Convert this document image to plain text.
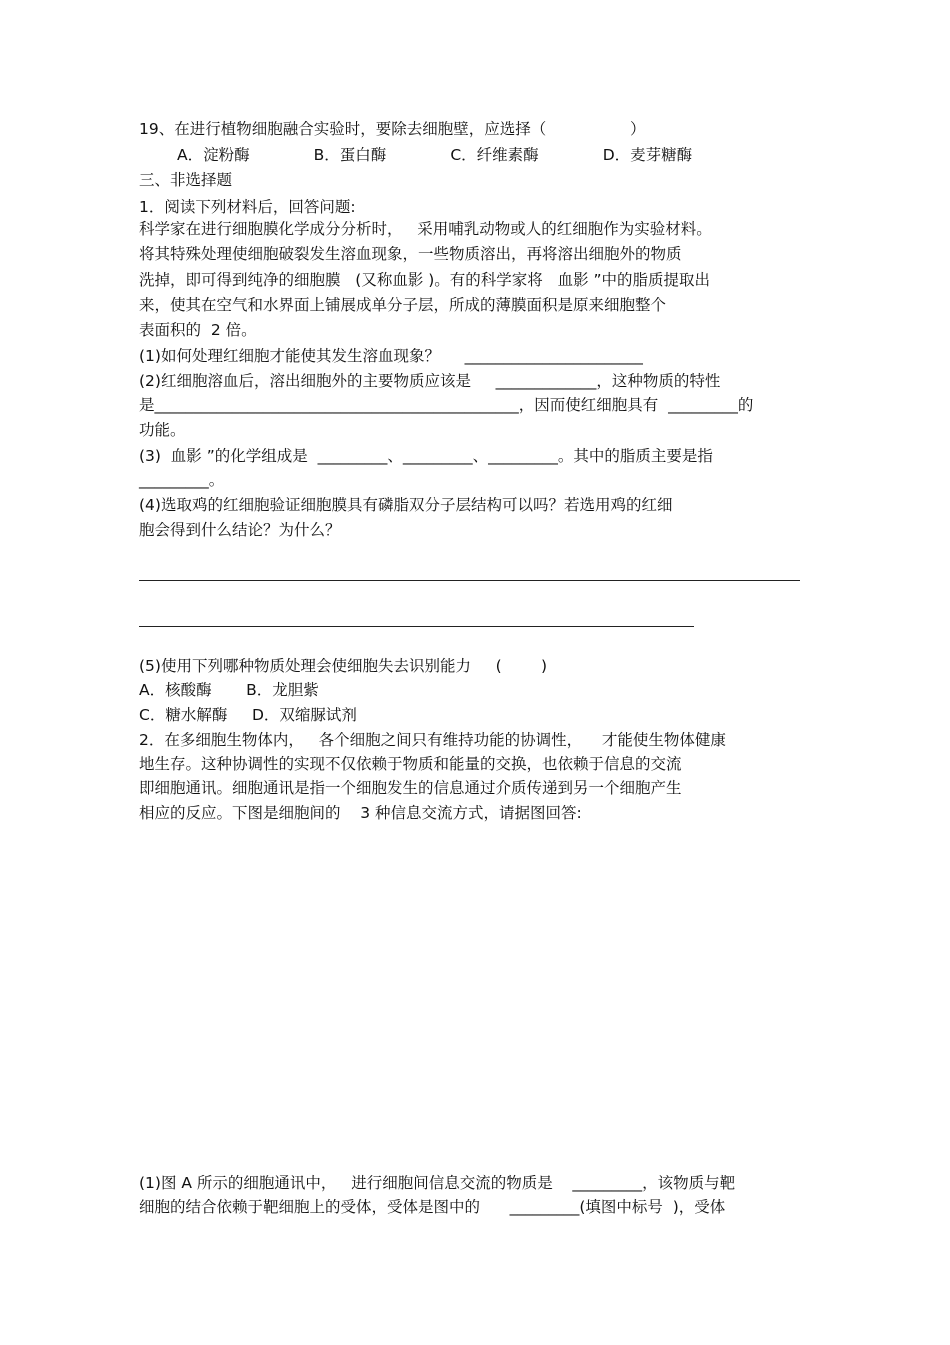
19、在进行植物细胞融合实验时，要除去细胞壁，应选择（                 ）
A．淀粉酶             B．蛋白酶             C．纤维素酶             D．麦芽糖酶
三、非选择题
1．阅读下列材料后，回答问题:
科学家在进行细胞膜化学成分分析时，   采用哺乳动物或人的红细胞作为实验材料。
将其特殊处理使细胞破裂发生溶血现象，一些物质溶出，再将溶出细胞外的物质
洗掉，即可得到纯净的细胞膜   (又称血影 )。有的科学家将   血影 ”中的脂质提取出
来，使其在空气和水界面上铺展成单分子层，所成的薄膜面积是原来细胞整个
表面积的  2 倍。
(1)如何处理红细胞才能使其发生溶血现象？     _______________________
(2)红细胞溶血后，溶出细胞外的主要物质应该是     _____________，这种物质的特性
是_______________________________________________，因而使红细胞具有  _________的
功能。
(3)  血影 ”的化学组成是  _________、_________、_________。其中的脂质主要是指
_________。
(4)选取鸡的红细胞验证细胞膜具有磷脂双分子层结构可以吗？若选用鸡的红细
胞会得到什么结论？为什么？
(5)使用下列哪种物质处理会使细胞失去识别能力     (        )
A．核酸酶       B．龙胆紫
C．糖水解酶     D．双缩脲试剂
2．在多细胞生物体内，   各个细胞之间只有维持功能的协调性，    才能使生物体健康
地生存。这种协调性的实现不仅依赖于物质和能量的交换，也依赖于信息的交流
即细胞通讯。细胞通讯是指一个细胞发生的信息通过介质传递到另一个细胞产生
相应的反应。下图是细胞间的    3 种信息交流方式，请据图回答:
(1)图 A 所示的细胞通讯中，   进行细胞间信息交流的物质是    _________，该物质与靶
细胞的结合依赖于靶细胞上的受体，受体是图中的      _________(填图中标号  )，受体
